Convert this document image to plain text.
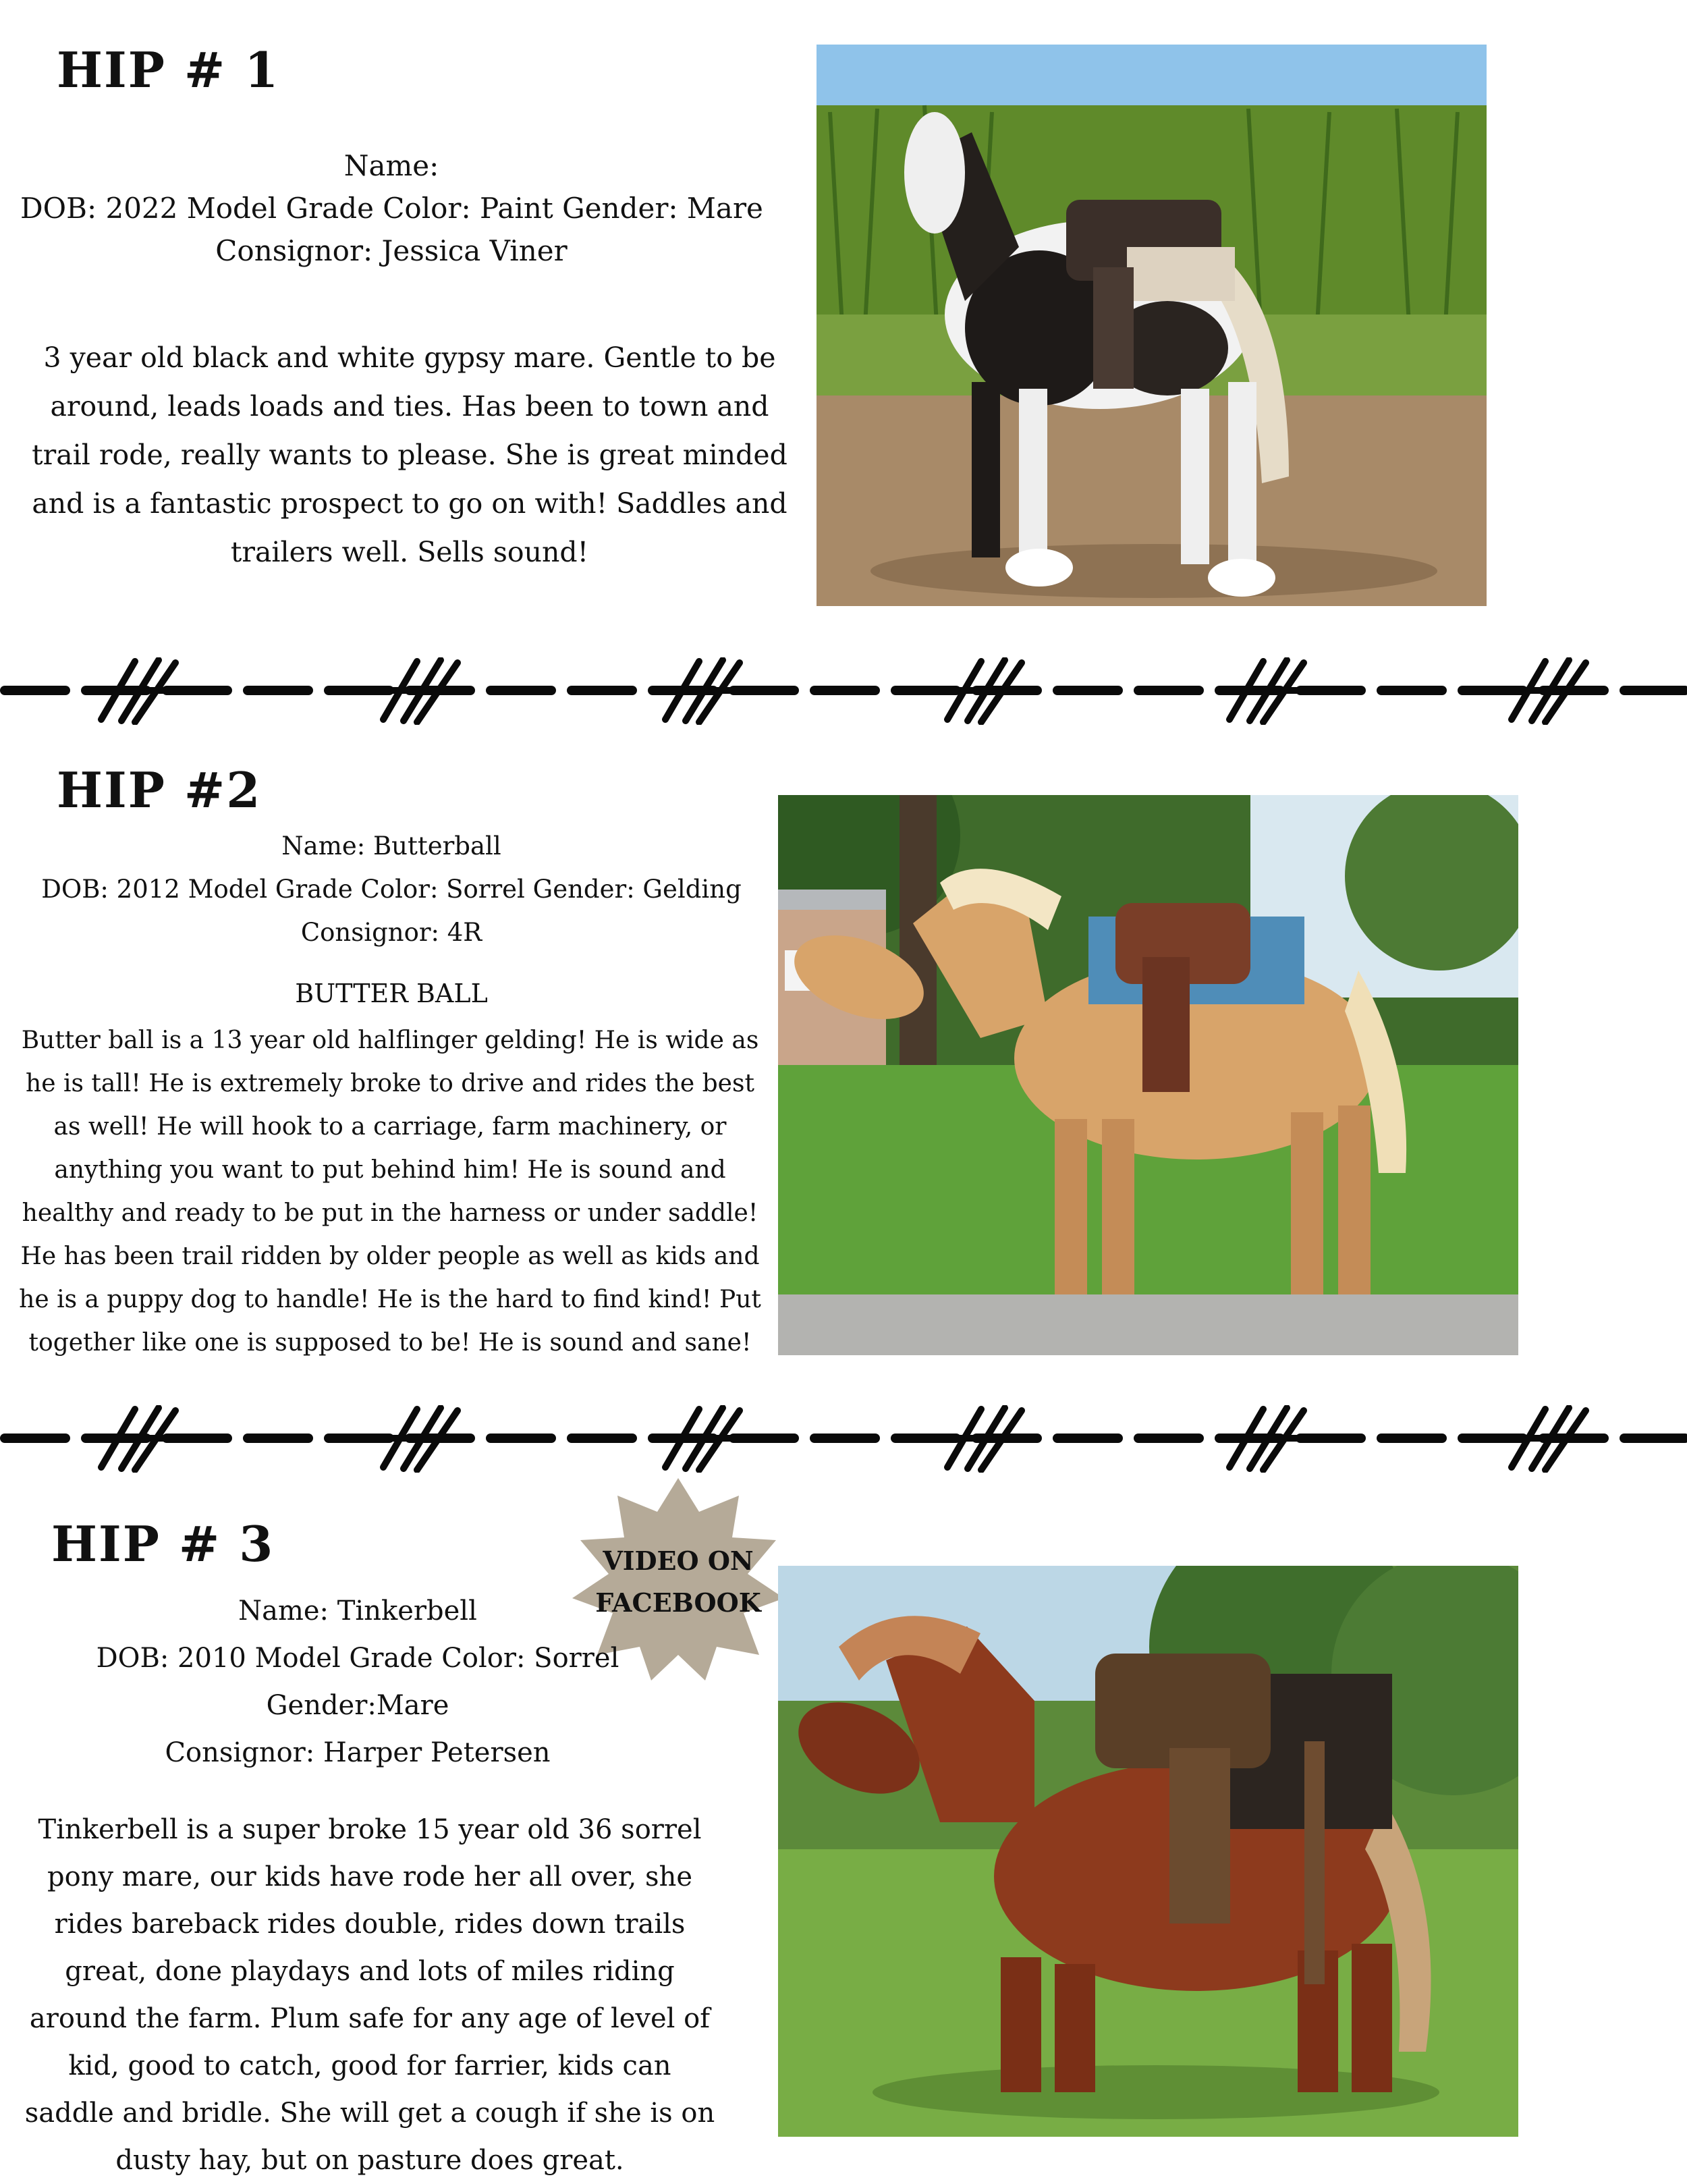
HIP # 1
Name:
DOB: 2022 Model Grade Color: Paint Gender: Mare
Consignor: Jessica Viner
3 year old black and white gypsy mare. Gentle to be around, leads loads and ties. Has been to town and trail rode, really wants to please. She is great minded and is a fantastic prospect to go on with! Saddles and trailers well. Sells sound!
HIP #2
Name: Butterball
DOB: 2012 Model Grade Color: Sorrel Gender: Gelding
Consignor: 4R
BUTTER BALL
Butter ball is a 13 year old halflinger gelding! He is wide as he is tall! He is extremely broke to drive and rides the best as well! He will hook to a carriage, farm machinery, or anything you want to put behind him! He is sound and healthy and ready to be put in the harness or under saddle! He has been trail ridden by older people as well as kids and he is a puppy dog to handle! He is the hard to find kind! Put together like one is supposed to be! He is sound and sane!
HIP # 3	VIDEO ON
FACEBOOK
Name: Tinkerbell
DOB: 2010 Model Grade Color: Sorrel
Gender:Mare
Consignor: Harper Petersen
Tinkerbell is a super broke 15 year old 36 sorrel pony mare, our kids have rode her all over, she rides bareback rides double, rides down trails great, done playdays and lots of miles riding around the farm. Plum safe for any age of level of kid, good to catch, good for farrier, kids can saddle and bridle. She will get a cough if she is on dusty hay, but on pasture does great.
